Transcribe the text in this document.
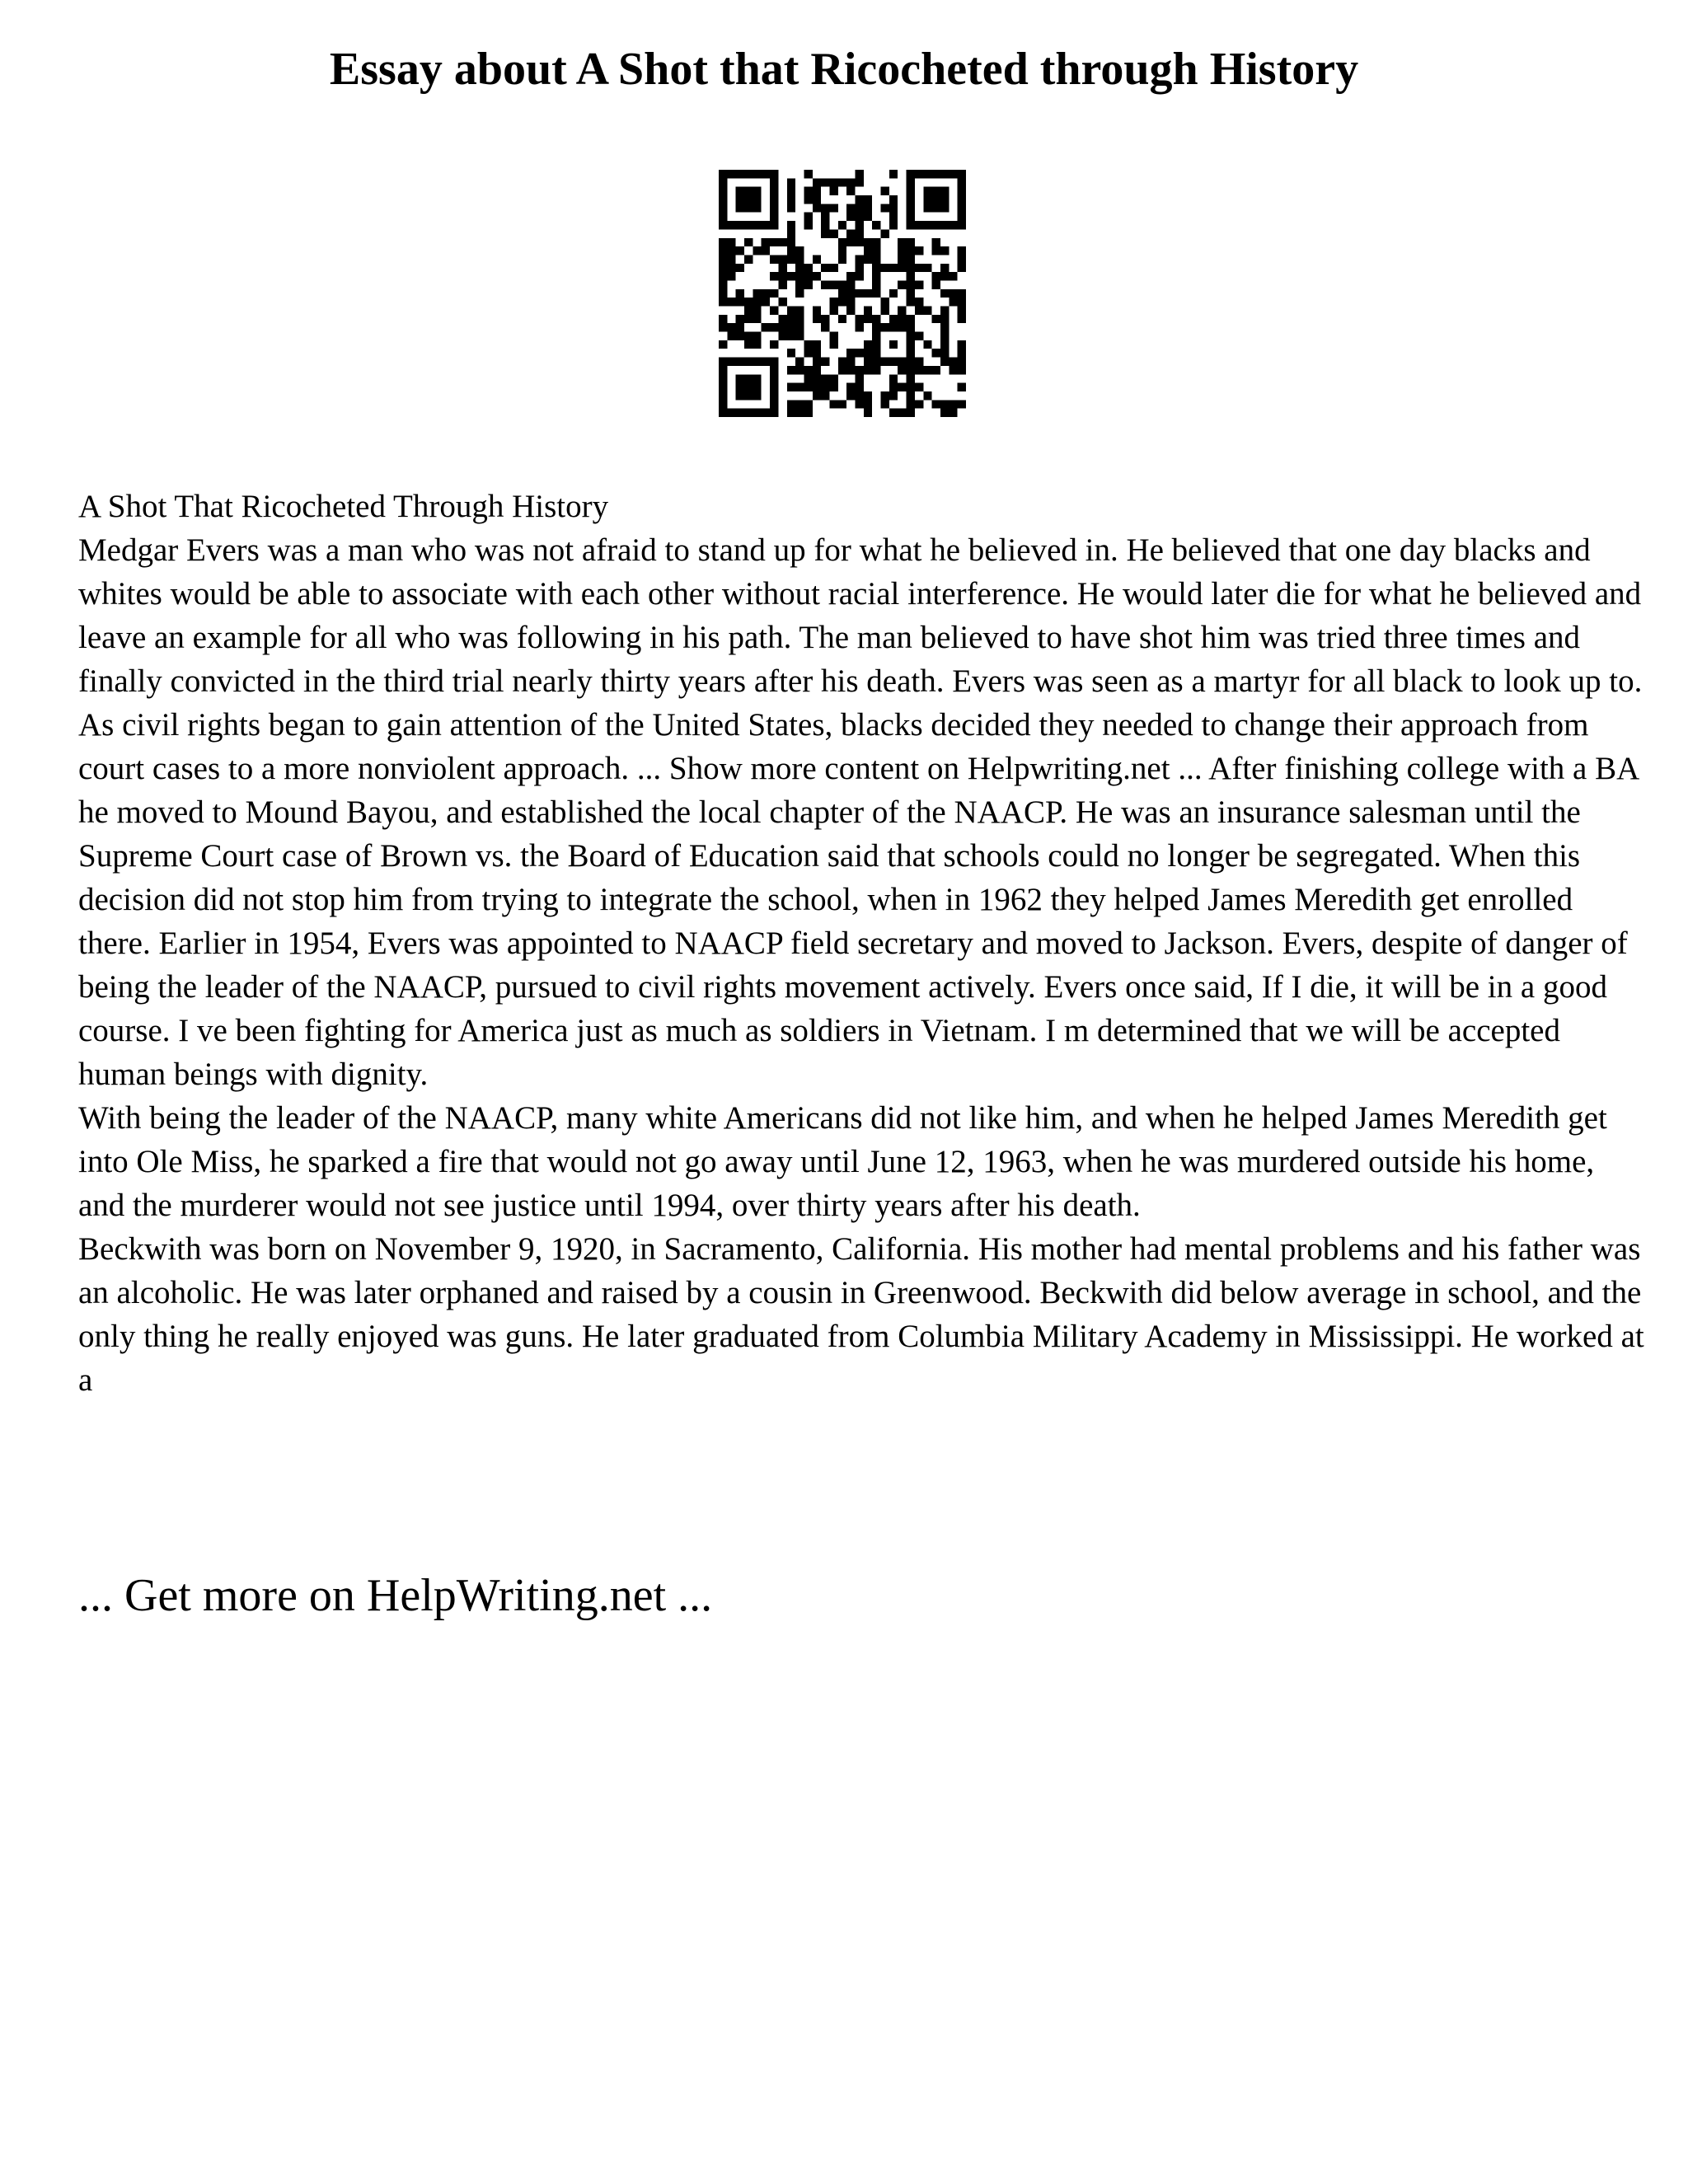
Essay about A Shot that Ricocheted through History

A Shot That Ricocheted Through History

Medgar Evers was a man who was not afraid to stand up for what he believed in. He believed that one day blacks and whites would be able to associate with each other without racial interference. He would later die for what he believed and leave an example for all who was following in his path. The man believed to have shot him was tried three times and finally convicted in the third trial nearly thirty years after his death. Evers was seen as a martyr for all black to look up to.

As civil rights began to gain attention of the United States, blacks decided they needed to change their approach from court cases to a more nonviolent approach. ... Show more content on Helpwriting.net ... After finishing college with a BA he moved to Mound Bayou, and established the local chapter of the NAACP. He was an insurance salesman until the Supreme Court case of Brown vs. the Board of Education said that schools could no longer be segregated. When this decision did not stop him from trying to integrate the school, when in 1962 they helped James Meredith get enrolled there. Earlier in 1954, Evers was appointed to NAACP field secretary and moved to Jackson. Evers, despite of danger of being the leader of the NAACP, pursued to civil rights movement actively. Evers once said, If I die, it will be in a good course. I ve been fighting for America just as much as soldiers in Vietnam. I m determined that we will be accepted human beings with dignity.

With being the leader of the NAACP, many white Americans did not like him, and when he helped James Meredith get into Ole Miss, he sparked a fire that would not go away until June 12, 1963, when he was murdered outside his home, and the murderer would not see justice until 1994, over thirty years after his death.

Beckwith was born on November 9, 1920, in Sacramento, California. His mother had mental problems and his father was an alcoholic. He was later orphaned and raised by a cousin in Greenwood. Beckwith did below average in school, and the only thing he really enjoyed was guns. He later graduated from Columbia Military Academy in Mississippi. He worked at a

... Get more on HelpWriting.net ...
